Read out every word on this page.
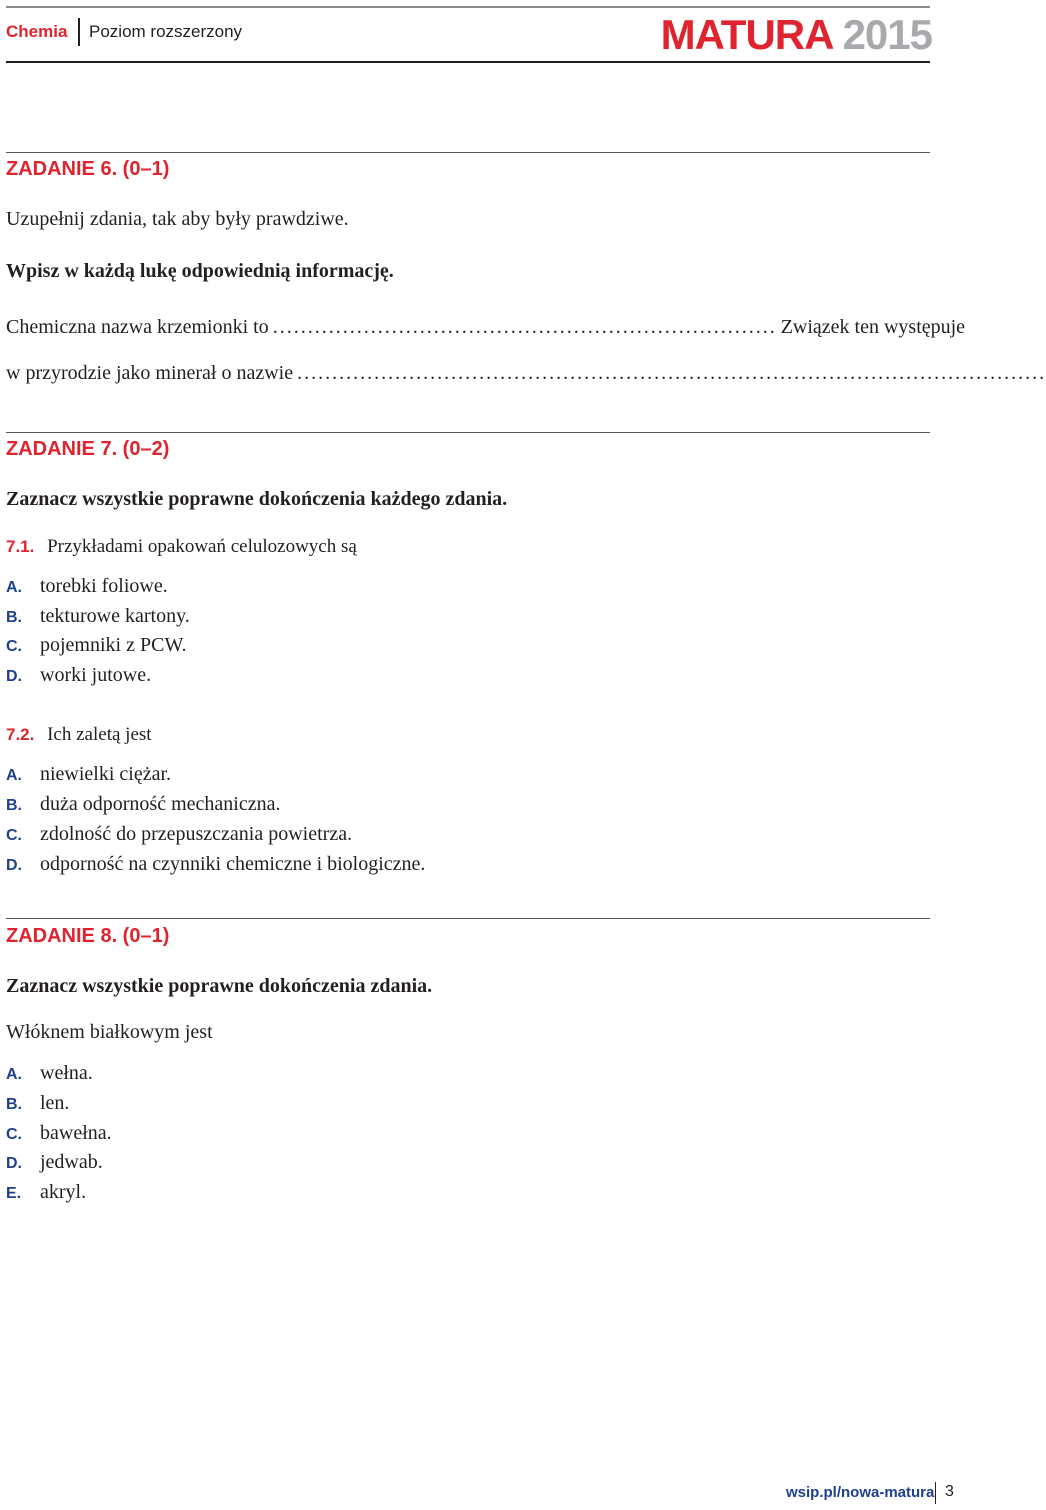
Chemia Poziom rozszerzony	MATURA 2015
ZADANIE 6. (0–1)
Uzupełnij zdania, tak aby były prawdziwe.
Wpisz w każdą lukę odpowiednią informację.
Chemiczna nazwa krzemionki to ........................................................................ Związek ten występuje
w przyrodzie jako minerał o nazwie ...........................................................................................................
ZADANIE 7. (0–2)
Zaznacz wszystkie poprawne dokończenia każdego zdania.
7.1. Przykładami opakowań celulozowych są
A. torebki foliowe.
B. tekturowe kartony.
C. pojemniki z PCW.
D. worki jutowe.
7.2. Ich zaletą jest
A. niewielki ciężar.
B. duża odporność mechaniczna.
C. zdolność do przepuszczania powietrza.
D. odporność na czynniki chemiczne i biologiczne.
ZADANIE 8. (0–1)
Zaznacz wszystkie poprawne dokończenia zdania.
Włóknem białkowym jest
A. wełna.
B. len.
C. bawełna.
D. jedwab.
E. akryl.
wsip.pl/nowa-matura 3
